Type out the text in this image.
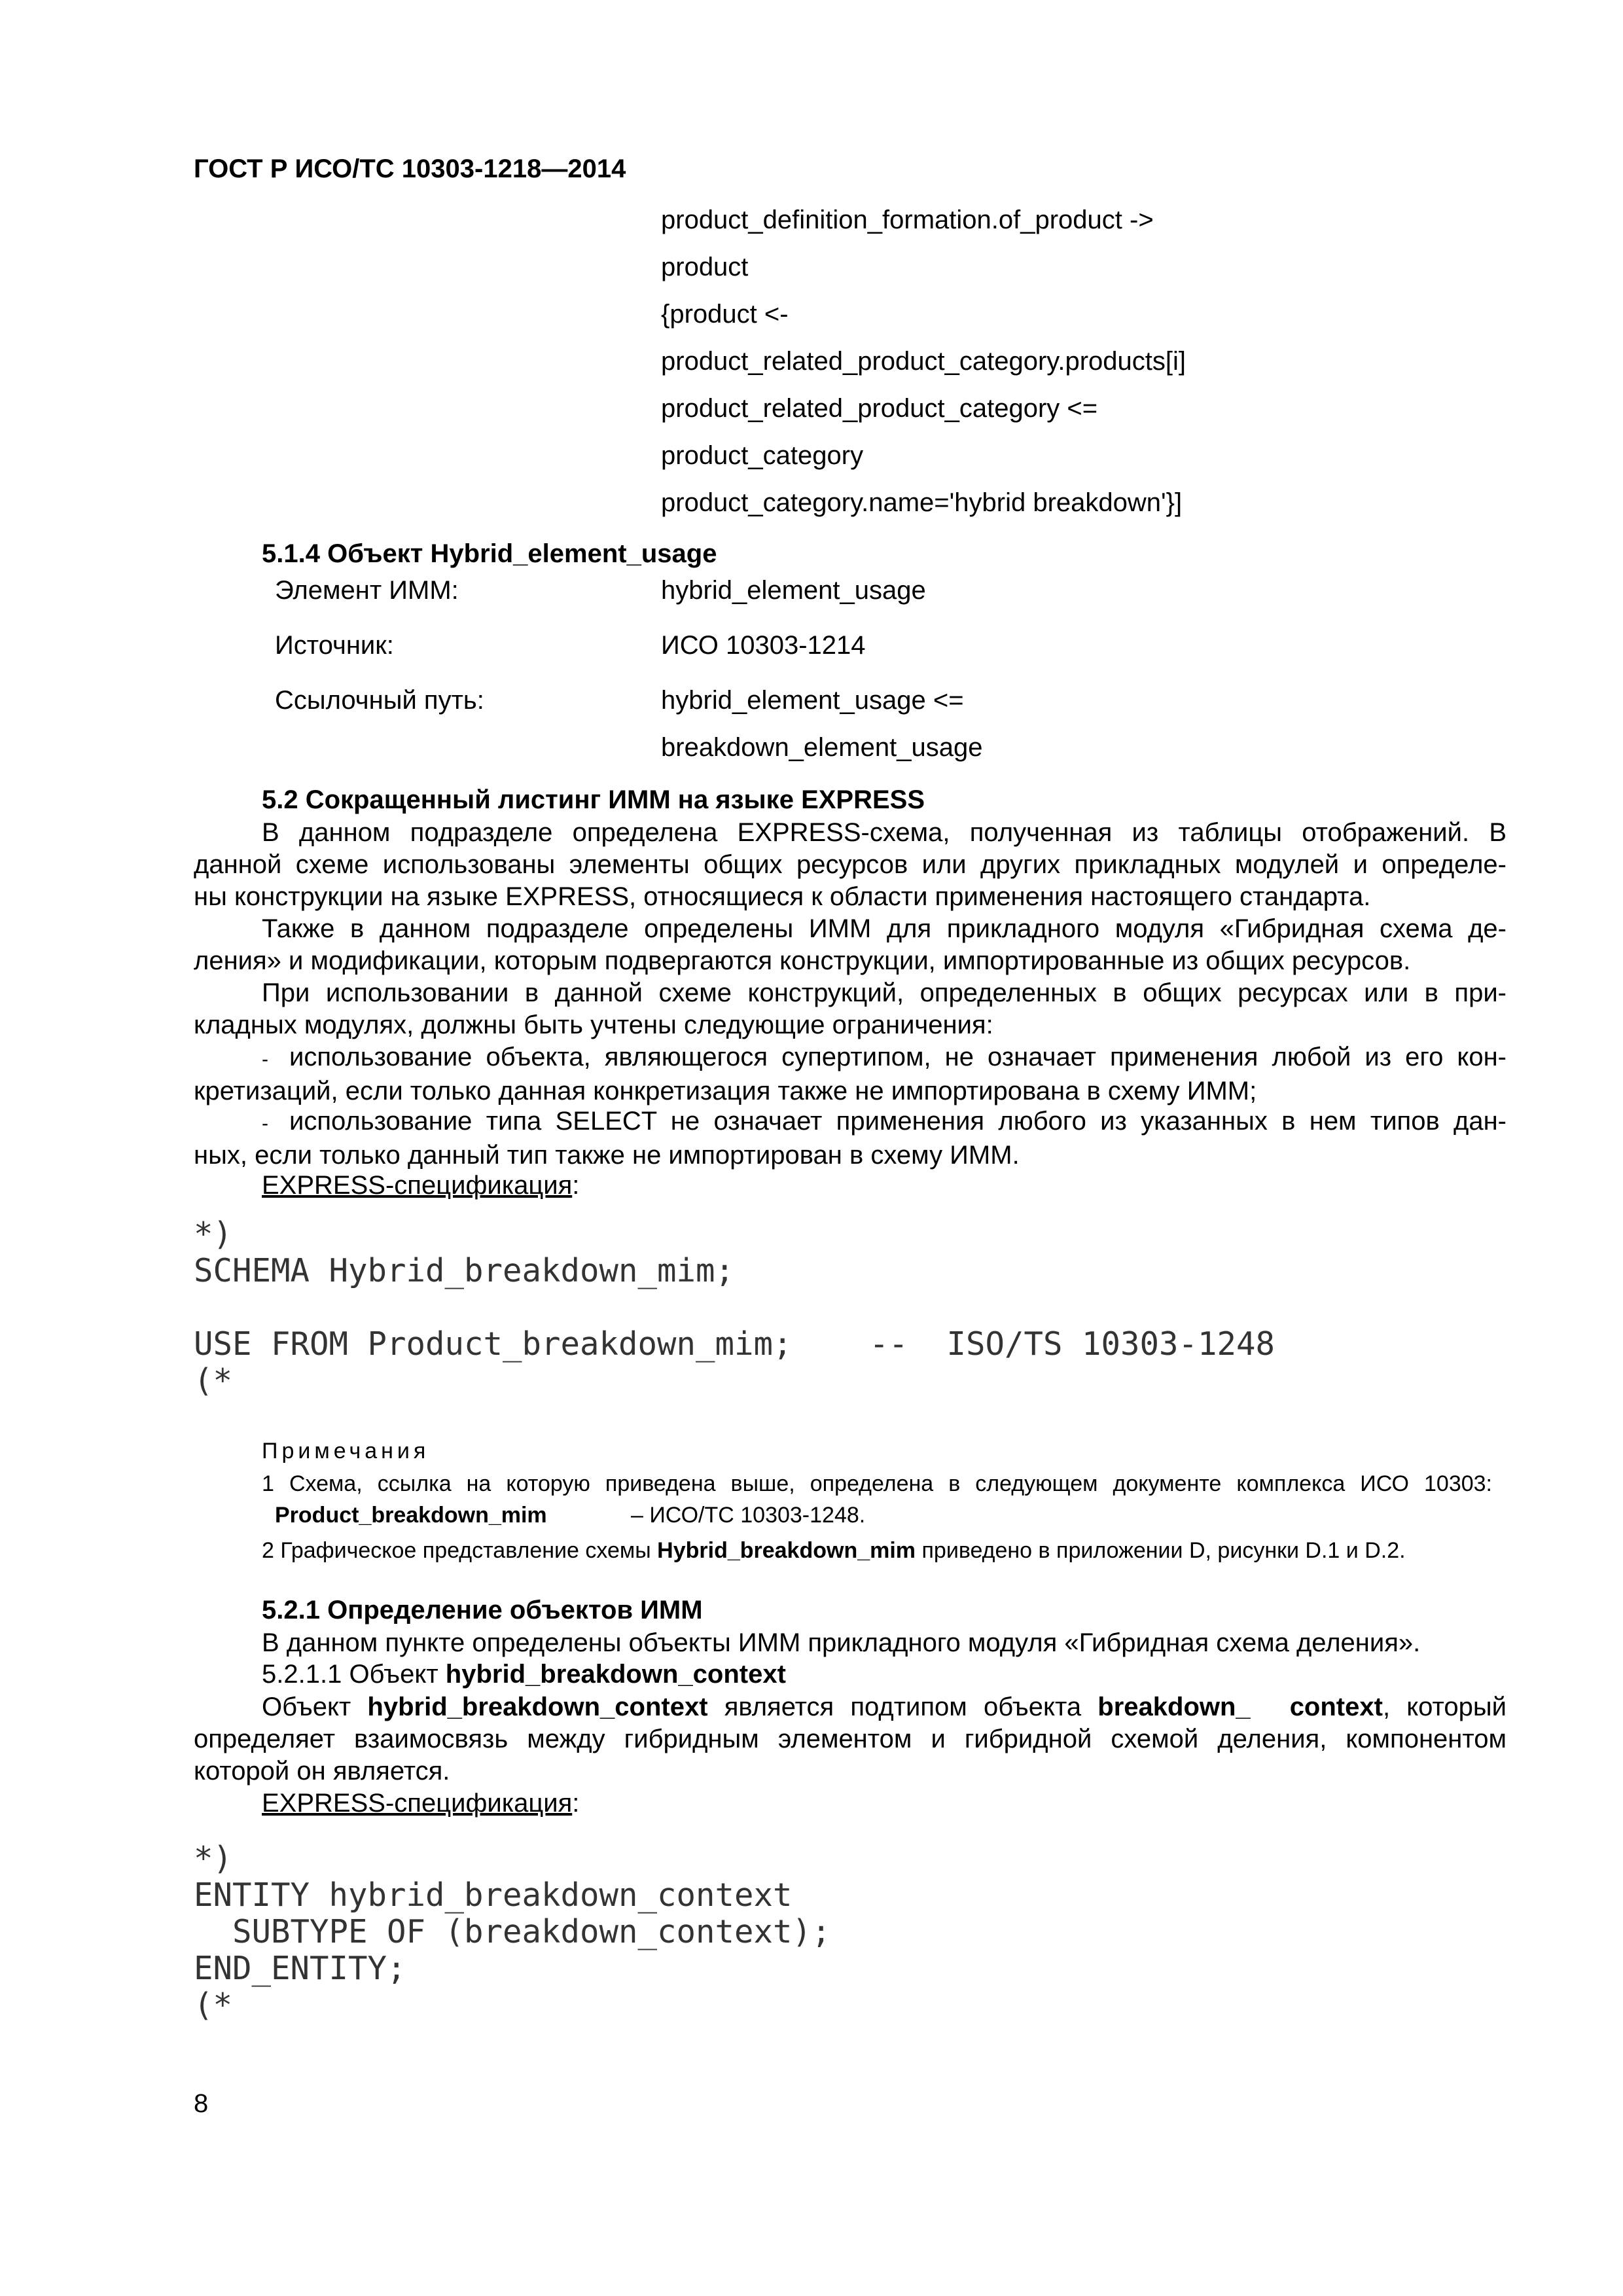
ГОСТ Р ИСО/ТС 10303-1218—2014
product_definition_formation.of_product ->
product
{product <-
product_related_product_category.products[i]
product_related_product_category <=
product_category
product_category.name='hybrid breakdown'}]
5.1.4 Объект Hybrid_element_usage
Элемент ИММ:	hybrid_element_usage
Источник:	ИСО 10303-1214
Ссылочный путь:	hybrid_element_usage <=
breakdown_element_usage
5.2 Сокращенный листинг ИММ на языке EXPRESS
В данном подразделе определена EXPRESS-схема, полученная из таблицы отображений. В
данной схеме использованы элементы общих ресурсов или других прикладных модулей и определе-
ны конструкции на языке EXPRESS, относящиеся к области применения настоящего стандарта.
Также в данном подразделе определены ИММ для прикладного модуля «Гибридная схема де-
ления» и модификации, которым подвергаются конструкции, импортированные из общих ресурсов.
При использовании в данной схеме конструкций, определенных в общих ресурсах или в при-
кладных модулях, должны быть учтены следующие ограничения:
- использование объекта, являющегося супертипом, не означает применения любой из его кон-
кретизаций, если только данная конкретизация также не импортирована в схему ИММ;
- использование типа SELECT не означает применения любого из указанных в нем типов дан-
ных, если только данный тип также не импортирован в схему ИММ.
EXPRESS-спецификация:
*)
SCHEMA Hybrid_breakdown_mim;
USE FROM Product_breakdown_mim;    --  ISO/TS 10303-1248
(*
Примечания
1 Схема, ссылка на которую приведена выше, определена в следующем документе комплекса ИСО 10303:
Product_breakdown_mim	– ИСО/ТС 10303-1248.
2 Графическое представление схемы Hybrid_breakdown_mim приведено в приложении D, рисунки D.1 и D.2.
5.2.1 Определение объектов ИММ
В данном пункте определены объекты ИММ прикладного модуля «Гибридная схема деления».
5.2.1.1 Объект hybrid_breakdown_context
Объект hybrid_breakdown_context является подтипом объекта breakdown_ context, который
определяет взаимосвязь между гибридным элементом и гибридной схемой деления, компонентом
которой он является.
EXPRESS-спецификация:
*)
ENTITY hybrid_breakdown_context
SUBTYPE OF (breakdown_context);
END_ENTITY;
(*
8
